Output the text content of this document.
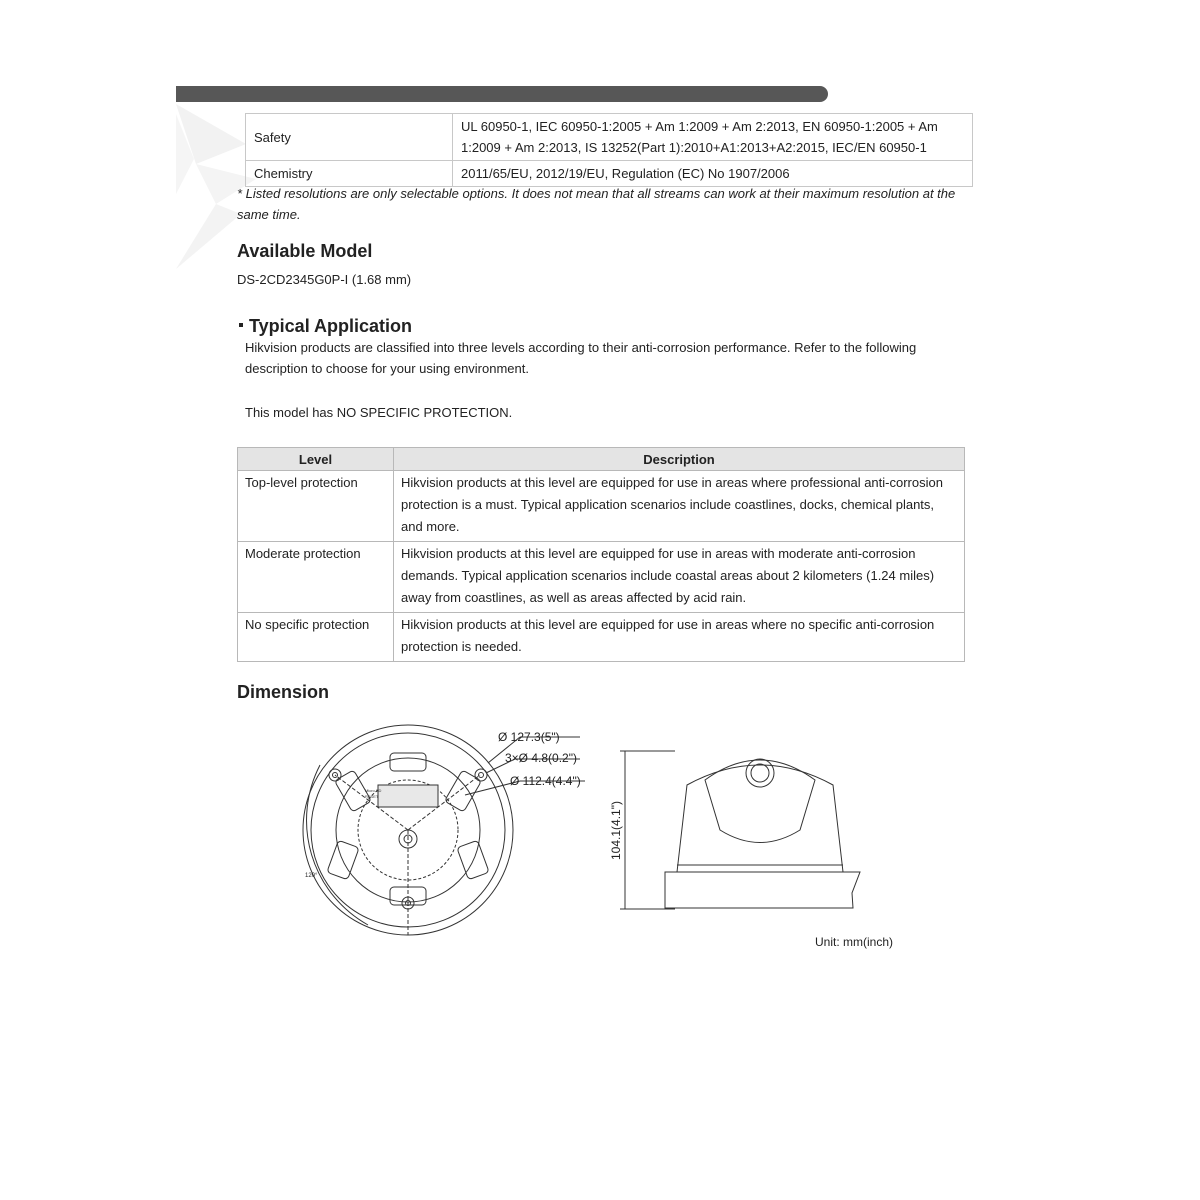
Safety	UL 60950-1, IEC 60950-1:2005 + Am 1:2009 + Am 2:2013, EN 60950-1:2005 + Am 1:2009 + Am 2:2013, IS 13252(Part 1):2010+A1:2013+A2:2015, IEC/EN 60950-1
Chemistry	2011/65/EU, 2012/19/EU, Regulation (EC) No 1907/2006
* Listed resolutions are only selectable options. It does not mean that all streams can work at their maximum resolution at the same time.
Available Model
DS-2CD2345G0P-I (1.68 mm)
Typical Application
Hikvision products are classified into three levels according to their anti-corrosion performance. Refer to the following description to choose for your using environment.
This model has NO SPECIFIC PROTECTION.
Level	Description
Top-level protection	Hikvision products at this level are equipped for use in areas where professional anti-corrosion protection is a must. Typical application scenarios include coastlines, docks, chemical plants, and more.
Moderate protection	Hikvision products at this level are equipped for use in areas with moderate anti-corrosion demands. Typical application scenarios include coastal areas about 2 kilometers (1.24 miles) away from coastlines, as well as areas affected by acid rain.
No specific protection	Hikvision products at this level are equipped for use in areas where no specific anti-corrosion protection is needed.
Dimension
Micro SD
RESET
Ø 127.3(5")
3×Ø 4.8(0.2")
Ø 112.4(4.4")
120°
104.1(4.1")
Unit: mm(inch)
